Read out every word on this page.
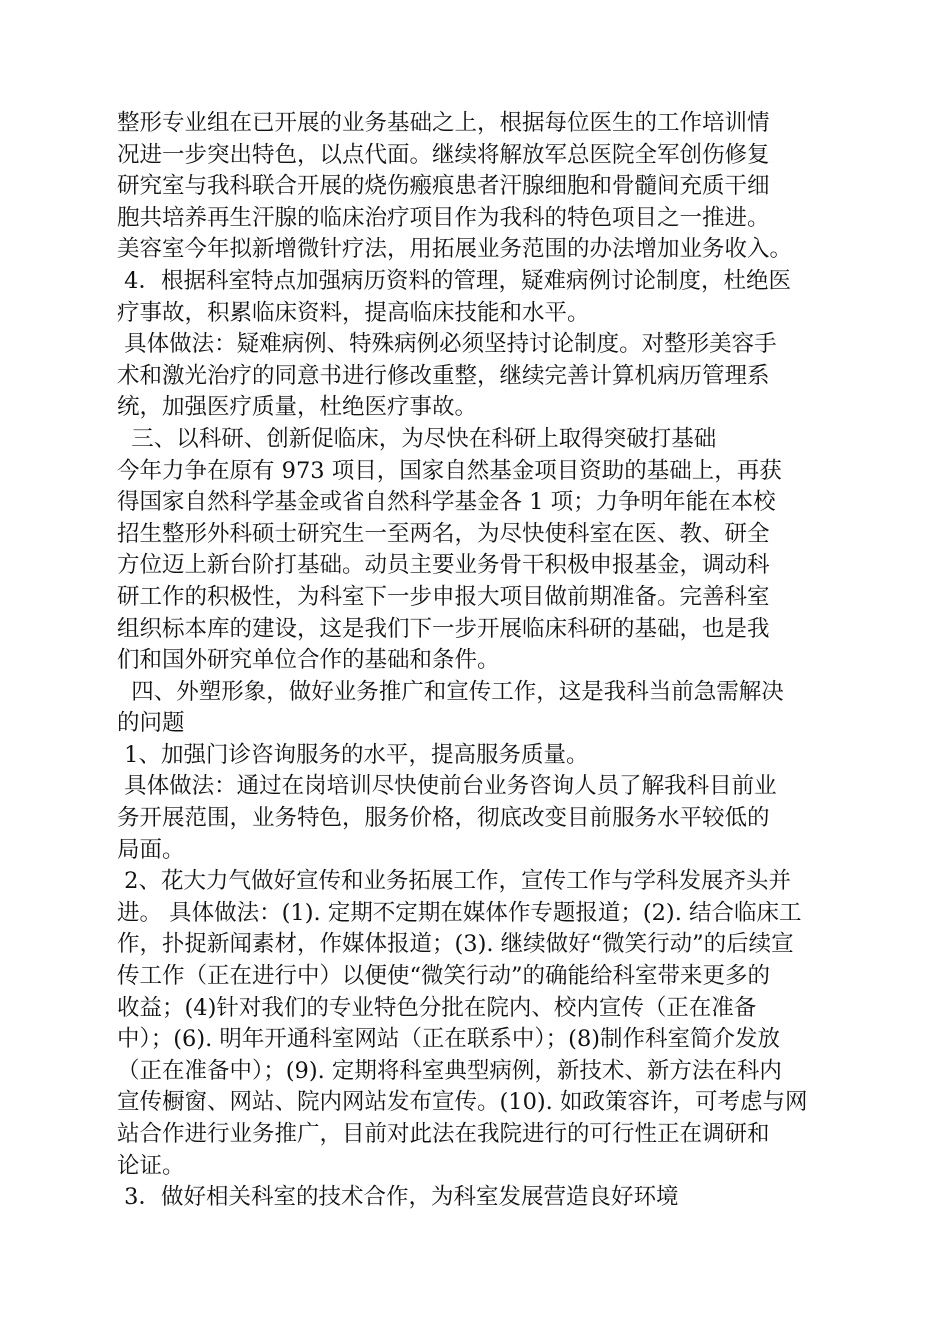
整形专业组在已开展的业务基础之上，根据每位医生的工作培训情
况进一步突出特色，以点代面。继续将解放军总医院全军创伤修复
研究室与我科联合开展的烧伤瘢痕患者汗腺细胞和骨髓间充质干细
胞共培养再生汗腺的临床治疗项目作为我科的特色项目之一推进。
美容室今年拟新增微针疗法，用拓展业务范围的办法增加业务收入。
4．根据科室特点加强病历资料的管理，疑难病例讨论制度，杜绝医
疗事故，积累临床资料，提高临床技能和水平。
具体做法：疑难病例、特殊病例必须坚持讨论制度。对整形美容手
术和激光治疗的同意书进行修改重整，继续完善计算机病历管理系
统，加强医疗质量，杜绝医疗事故。
三、以科研、创新促临床，为尽快在科研上取得突破打基础
今年力争在原有 973 项目，国家自然基金项目资助的基础上，再获
得国家自然科学基金或省自然科学基金各 1 项；力争明年能在本校
招生整形外科硕士研究生一至两名，为尽快使科室在医、教、研全
方位迈上新台阶打基础。动员主要业务骨干积极申报基金，调动科
研工作的积极性，为科室下一步申报大项目做前期准备。完善科室
组织标本库的建设，这是我们下一步开展临床科研的基础，也是我
们和国外研究单位合作的基础和条件。
四、外塑形象，做好业务推广和宣传工作，这是我科当前急需解决
的问题
1、加强门诊咨询服务的水平，提高服务质量。
具体做法：通过在岗培训尽快使前台业务咨询人员了解我科目前业
务开展范围，业务特色，服务价格，彻底改变目前服务水平较低的
局面。
2、花大力气做好宣传和业务拓展工作，宣传工作与学科发展齐头并
进。 具体做法：(1). 定期不定期在媒体作专题报道；(2). 结合临床工
作，扑捉新闻素材，作媒体报道；(3). 继续做好“微笑行动”的后续宣
传工作（正在进行中）以便使“微笑行动”的确能给科室带来更多的
收益；(4)针对我们的专业特色分批在院内、校内宣传（正在准备
中）；(6). 明年开通科室网站（正在联系中）；(8)制作科室简介发放
（正在准备中）；(9). 定期将科室典型病例，新技术、新方法在科内
宣传橱窗、网站、院内网站发布宣传。(10). 如政策容许，可考虑与网
站合作进行业务推广，目前对此法在我院进行的可行性正在调研和
论证。
3．做好相关科室的技术合作，为科室发展营造良好环境
